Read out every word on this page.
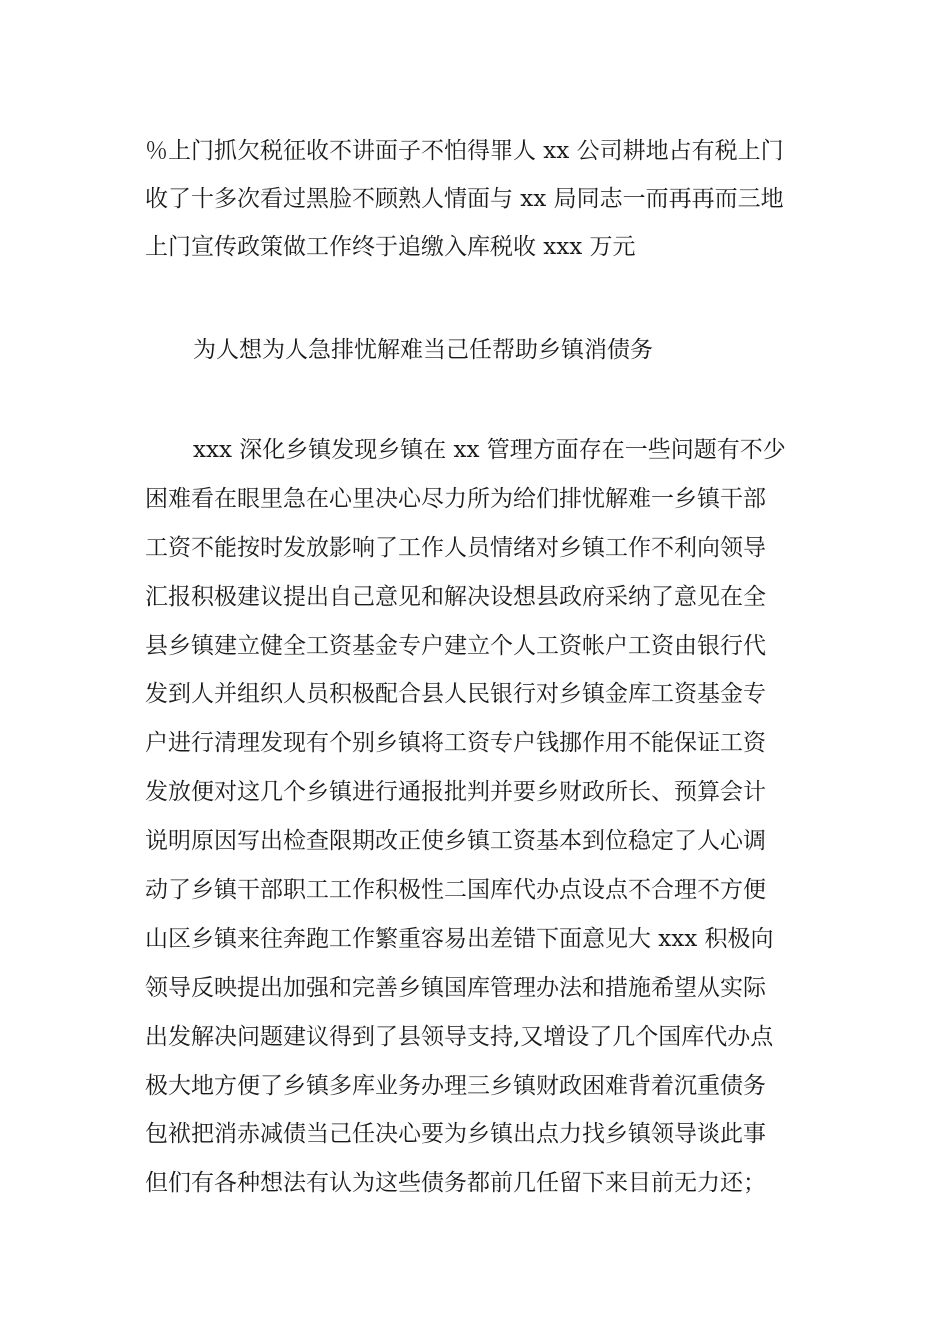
％上门抓欠税征收不讲面子不怕得罪人 xx 公司耕地占有税上门
收了十多次看过黑脸不顾熟人情面与 xx 局同志一而再再而三地
上门宣传政策做工作终于追缴入库税收 xxx 万元
为人想为人急排忧解难当己任帮助乡镇消债务
xxx 深化乡镇发现乡镇在 xx 管理方面存在一些问题有不少
困难看在眼里急在心里决心尽力所为给们排忧解难一乡镇干部
工资不能按时发放影响了工作人员情绪对乡镇工作不利向领导
汇报积极建议提出自己意见和解决设想县政府采纳了意见在全
县乡镇建立健全工资基金专户建立个人工资帐户工资由银行代
发到人并组织人员积极配合县人民银行对乡镇金库工资基金专
户进行清理发现有个别乡镇将工资专户钱挪作用不能保证工资
发放便对这几个乡镇进行通报批判并要乡财政所长、预算会计
说明原因写出检查限期改正使乡镇工资基本到位稳定了人心调
动了乡镇干部职工工作积极性二国库代办点设点不合理不方便
山区乡镇来往奔跑工作繁重容易出差错下面意见大 xxx 积极向
领导反映提出加强和完善乡镇国库管理办法和措施希望从实际
出发解决问题建议得到了县领导支持,又增设了几个国库代办点
极大地方便了乡镇多库业务办理三乡镇财政困难背着沉重债务
包袱把消赤减债当己任决心要为乡镇出点力找乡镇领导谈此事
但们有各种想法有认为这些债务都前几任留下来目前无力还；
